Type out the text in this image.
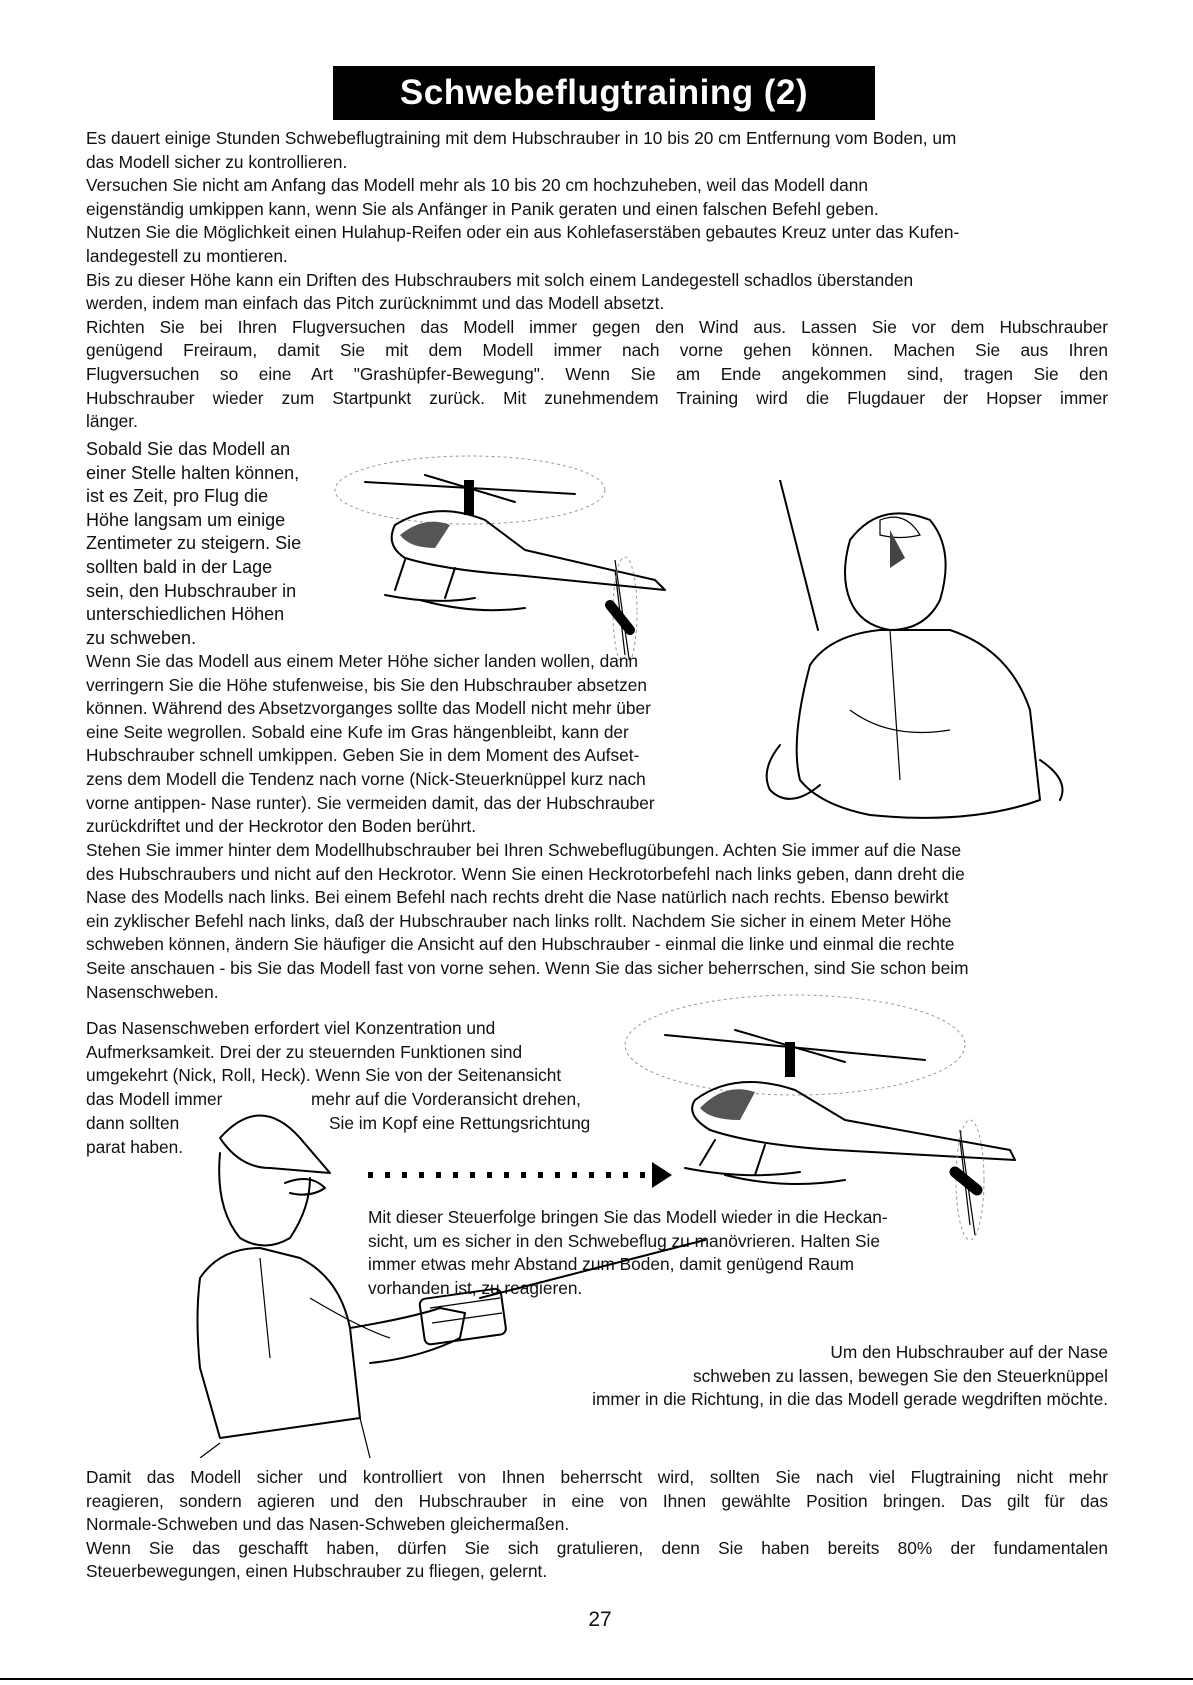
Schwebeflugtraining (2)

Es dauert einige Stunden Schwebeflugtraining mit dem Hubschrauber in 10 bis 20 cm Entfernung vom Boden, um

das Modell sicher zu kontrollieren.

Versuchen Sie nicht am Anfang das Modell mehr als 10 bis 20 cm hochzuheben, weil das Modell dann

eigenständig umkippen kann, wenn Sie als Anfänger in Panik geraten und einen falschen Befehl geben.

Nutzen Sie die Möglichkeit einen Hulahup-Reifen oder ein aus Kohlefaserstäben gebautes Kreuz unter das Kufen-

landegestell zu montieren.

Bis zu dieser Höhe kann ein Driften des Hubschraubers mit solch einem Landegestell schadlos überstanden

werden, indem man einfach das Pitch zurücknimmt und das Modell absetzt.

Richten Sie bei Ihren Flugversuchen das Modell immer gegen den Wind aus. Lassen Sie vor dem Hubschrauber

genügend Freiraum, damit Sie mit dem Modell immer nach vorne gehen können. Machen Sie aus Ihren

Flugversuchen so eine Art "Grashüpfer-Bewegung". Wenn Sie am Ende angekommen sind, tragen Sie den

Hubschrauber wieder zum Startpunkt zurück. Mit zunehmendem Training wird die Flugdauer der Hopser immer

länger.

Sobald Sie das Modell an

einer Stelle halten können,

ist es Zeit, pro Flug die

Höhe langsam um einige

Zentimeter zu steigern. Sie

sollten bald in der Lage

sein, den Hubschrauber in

unterschiedlichen Höhen

zu schweben.

Wenn Sie das Modell aus einem Meter Höhe sicher landen wollen, dann

verringern Sie die Höhe stufenweise, bis Sie den Hubschrauber absetzen

können. Während des Absetzvorganges sollte das Modell nicht mehr über

eine Seite wegrollen. Sobald eine Kufe im Gras hängenbleibt, kann der

Hubschrauber schnell umkippen. Geben Sie in dem Moment des Aufset-

zens dem Modell die Tendenz nach vorne (Nick-Steuerknüppel kurz nach

vorne antippen- Nase runter). Sie vermeiden damit, das der Hubschrauber

zurückdriftet und der Heckrotor den Boden berührt.

Stehen Sie immer hinter dem Modellhubschrauber bei Ihren Schwebeflugübungen. Achten Sie immer auf die Nase

des Hubschraubers und nicht auf den Heckrotor. Wenn Sie einen Heckrotorbefehl nach links geben, dann dreht die

Nase des Modells nach links. Bei einem Befehl nach rechts dreht die Nase natürlich nach rechts. Ebenso bewirkt

ein zyklischer Befehl nach links, daß der Hubschrauber nach links rollt. Nachdem Sie sicher in einem Meter Höhe

schweben können, ändern Sie häufiger die Ansicht auf den Hubschrauber - einmal die linke und einmal die rechte

Seite anschauen - bis Sie das Modell fast von vorne sehen. Wenn Sie das sicher beherrschen, sind Sie schon beim

Nasenschweben.

Das Nasenschweben erfordert viel Konzentration und

Aufmerksamkeit. Drei der zu steuernden Funktionen sind

umgekehrt (Nick, Roll, Heck). Wenn Sie von der Seitenansicht

das Modell immer	mehr auf die Vorderansicht drehen,
dann sollten	Sie im Kopf eine Rettungsrichtung
parat haben.

Mit dieser Steuerfolge bringen Sie das Modell wieder in die Heckan-

sicht, um es sicher in den Schwebeflug zu manövrieren. Halten Sie

immer etwas mehr Abstand zum Boden, damit genügend Raum

vorhanden ist, zu reagieren.

Um den Hubschrauber auf der Nase

schweben zu lassen, bewegen Sie den Steuerknüppel

immer in die Richtung, in die das Modell gerade wegdriften möchte.

Damit das Modell sicher und kontrolliert von Ihnen beherrscht wird, sollten Sie nach viel Flugtraining nicht mehr

reagieren, sondern agieren und den Hubschrauber in eine von Ihnen gewählte Position bringen. Das gilt für das

Normale-Schweben und das Nasen-Schweben gleichermaßen.

Wenn Sie das geschafft haben, dürfen Sie sich gratulieren, denn Sie haben bereits 80% der fundamentalen

Steuerbewegungen, einen Hubschrauber zu fliegen, gelernt.

27
